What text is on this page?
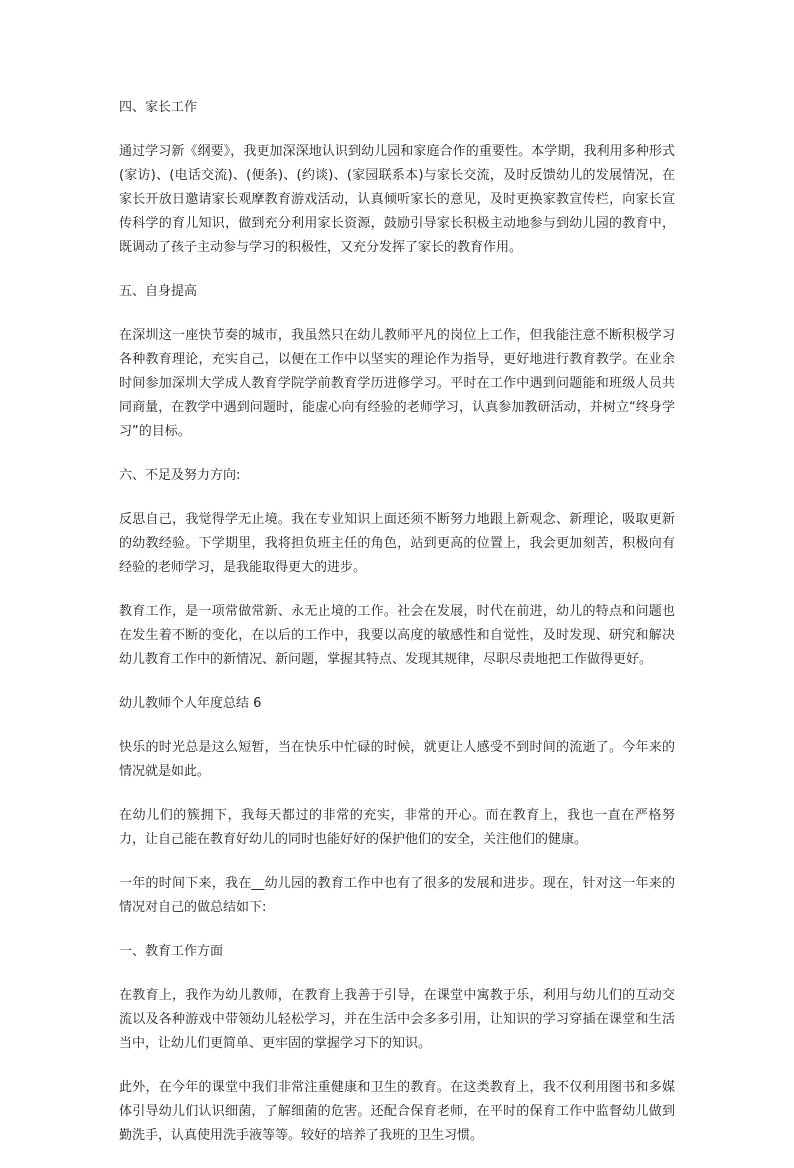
四、家长工作
通过学习新《纲要》，我更加深深地认识到幼儿园和家庭合作的重要性。本学期，我利用多种形式(家访)、(电话交流)、(便条)、(约谈)、(家园联系本)与家长交流，及时反馈幼儿的发展情况，在家长开放日邀请家长观摩教育游戏活动，认真倾听家长的意见，及时更换家教宣传栏，向家长宣传科学的育儿知识，做到充分利用家长资源，鼓励引导家长积极主动地参与到幼儿园的教育中，既调动了孩子主动参与学习的积极性，又充分发挥了家长的教育作用。
五、自身提高
在深圳这一座快节奏的城市，我虽然只在幼儿教师平凡的岗位上工作，但我能注意不断积极学习各种教育理论，充实自己，以便在工作中以坚实的理论作为指导，更好地进行教育教学。在业余时间参加深圳大学成人教育学院学前教育学历进修学习。平时在工作中遇到问题能和班级人员共同商量，在教学中遇到问题时，能虚心向有经验的老师学习，认真参加教研活动，并树立“终身学习”的目标。
六、不足及努力方向:
反思自己，我觉得学无止境。我在专业知识上面还须不断努力地跟上新观念、新理论，吸取更新的幼教经验。下学期里，我将担负班主任的角色，站到更高的位置上，我会更加刻苦，积极向有经验的老师学习，是我能取得更大的进步。
教育工作，是一项常做常新、永无止境的工作。社会在发展，时代在前进，幼儿的特点和问题也在发生着不断的变化，在以后的工作中，我要以高度的敏感性和自觉性，及时发现、研究和解决幼儿教育工作中的新情况、新问题，掌握其特点、发现其规律，尽职尽责地把工作做得更好。
幼儿教师个人年度总结 6
快乐的时光总是这么短暂，当在快乐中忙碌的时候，就更让人感受不到时间的流逝了。今年来的情况就是如此。
在幼儿们的簇拥下，我每天都过的非常的充实，非常的开心。而在教育上，我也一直在严格努力，让自己能在教育好幼儿的同时也能好好的保护他们的安全，关注他们的健康。
一年的时间下来，我在__幼儿园的教育工作中也有了很多的发展和进步。现在，针对这一年来的情况对自己的做总结如下:
一、教育工作方面
在教育上，我作为幼儿教师，在教育上我善于引导，在课堂中寓教于乐，利用与幼儿们的互动交流以及各种游戏中带领幼儿轻松学习，并在生活中会多多引用，让知识的学习穿插在课堂和生活当中，让幼儿们更简单、更牢固的掌握学习下的知识。
此外，在今年的课堂中我们非常注重健康和卫生的教育。在这类教育上，我不仅利用图书和多媒体引导幼儿们认识细菌，了解细菌的危害。还配合保育老师，在平时的保育工作中监督幼儿做到勤洗手，认真使用洗手液等等。较好的培养了我班的卫生习惯。
